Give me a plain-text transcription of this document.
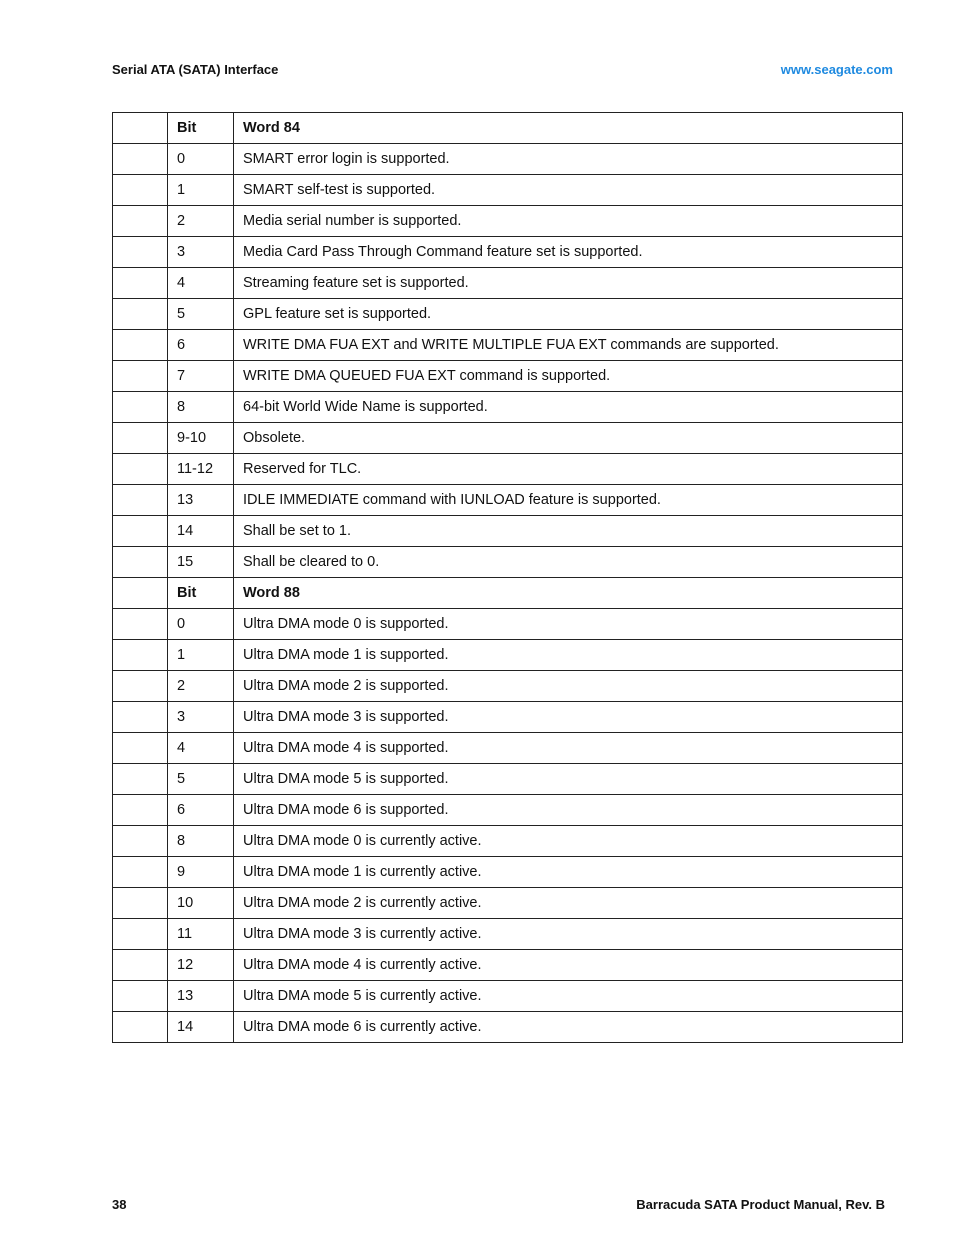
Serial ATA (SATA) Interface	www.seagate.com
	Bit	Word 84
	0	SMART error login is supported.
	1	SMART self-test is supported.
	2	Media serial number is supported.
	3	Media Card Pass Through Command feature set is supported.
	4	Streaming feature set is supported.
	5	GPL feature set is supported.
	6	WRITE DMA FUA EXT and WRITE MULTIPLE FUA EXT commands are supported.
	7	WRITE DMA QUEUED FUA EXT command is supported.
	8	64-bit World Wide Name is supported.
	9-10	Obsolete.
	11-12	Reserved for TLC.
	13	IDLE IMMEDIATE command with IUNLOAD feature is supported.
	14	Shall be set to 1.
	15	Shall be cleared to 0.
	Bit	Word 88
	0	Ultra DMA mode 0 is supported.
	1	Ultra DMA mode 1 is supported.
	2	Ultra DMA mode 2 is supported.
	3	Ultra DMA mode 3 is supported.
	4	Ultra DMA mode 4 is supported.
	5	Ultra DMA mode 5 is supported.
	6	Ultra DMA mode 6 is supported.
	8	Ultra DMA mode 0 is currently active.
	9	Ultra DMA mode 1 is currently active.
	10	Ultra DMA mode 2 is currently active.
	11	Ultra DMA mode 3 is currently active.
	12	Ultra DMA mode 4 is currently active.
	13	Ultra DMA mode 5 is currently active.
	14	Ultra DMA mode 6 is currently active.
38	Barracuda SATA Product Manual, Rev. B
